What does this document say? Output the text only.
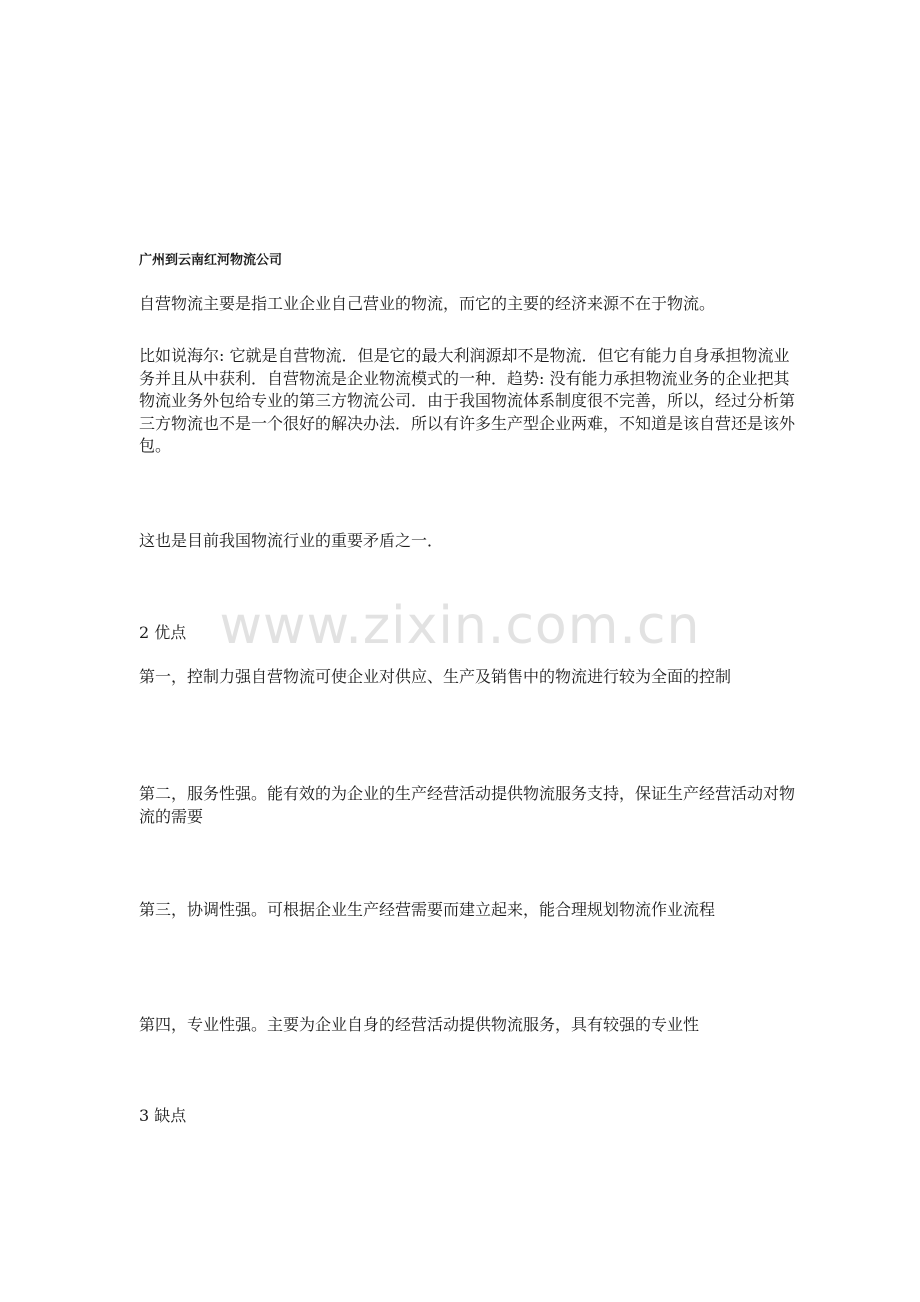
www.zixin.com.cn
广州到云南红河物流公司
自营物流主要是指工业企业自己营业的物流，而它的主要的经济来源不在于物流。
比如说海尔: 它就是自营物流．但是它的最大利润源却不是物流．但它有能力自身承担物流业务并且从中获利．自营物流是企业物流模式的一种．趋势: 没有能力承担物流业务的企业把其物流业务外包给专业的第三方物流公司．由于我国物流体系制度很不完善，所以，经过分析第三方物流也不是一个很好的解决办法．所以有许多生产型企业两难，不知道是该自营还是该外包。
这也是目前我国物流行业的重要矛盾之一．
2 优点
第一，控制力强自营物流可使企业对供应、生产及销售中的物流进行较为全面的控制
第二，服务性强。能有效的为企业的生产经营活动提供物流服务支持，保证生产经营活动对物流的需要
第三，协调性强。可根据企业生产经营需要而建立起来，能合理规划物流作业流程
第四，专业性强。主要为企业自身的经营活动提供物流服务，具有较强的专业性
3 缺点
